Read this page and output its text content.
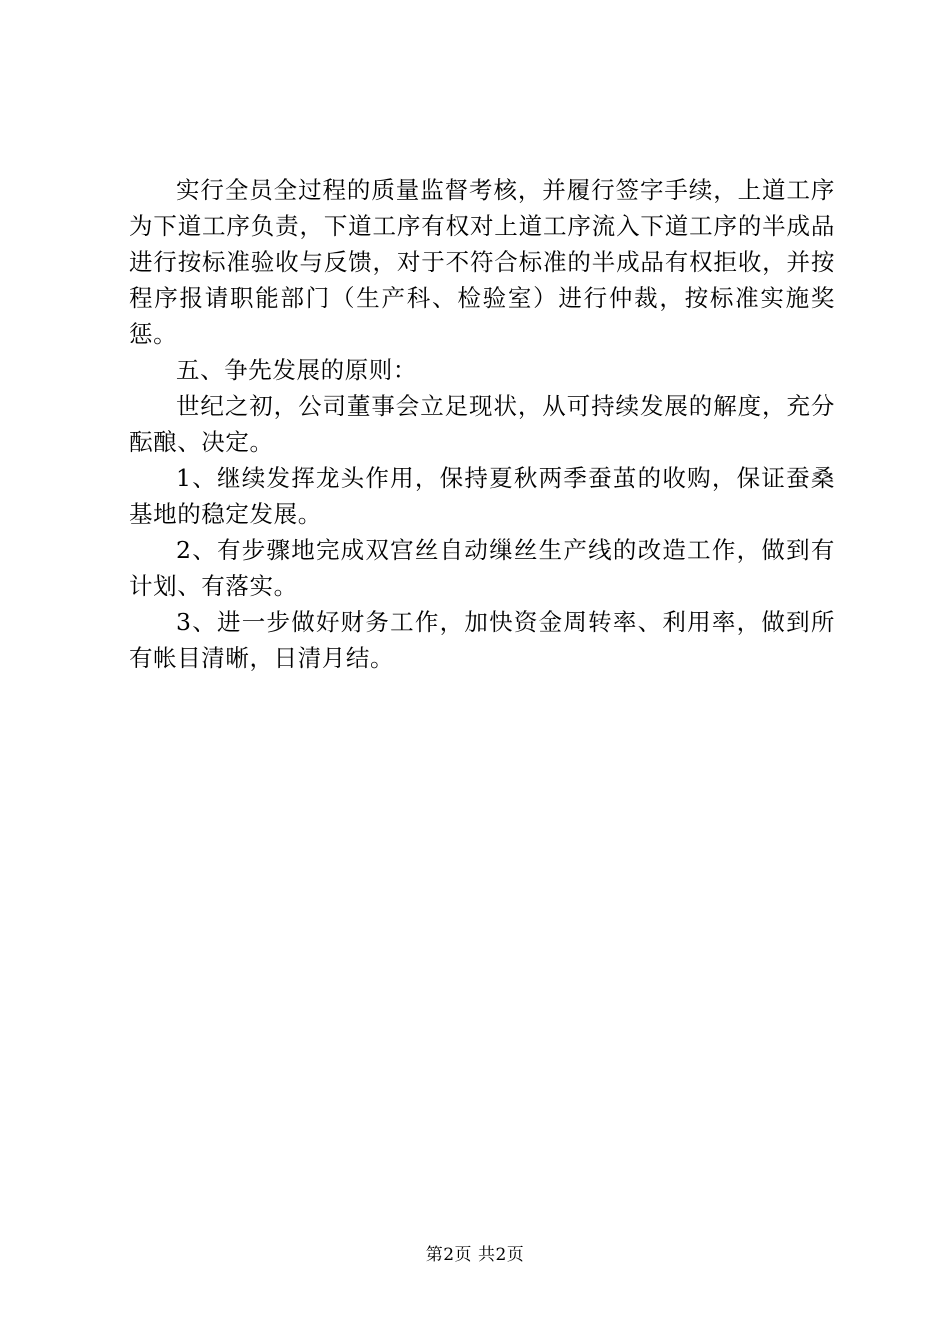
实行全员全过程的质量监督考核，并履行签字手续，上道工序为下道工序负责，下道工序有权对上道工序流入下道工序的半成品进行按标准验收与反馈，对于不符合标准的半成品有权拒收，并按程序报请职能部门（生产科、检验室）进行仲裁，按标准实施奖惩。

五、争先发展的原则：

世纪之初，公司董事会立足现状，从可持续发展的解度，充分酝酿、决定。

1、继续发挥龙头作用，保持夏秋两季蚕茧的收购，保证蚕桑基地的稳定发展。

2、有步骤地完成双宫丝自动缫丝生产线的改造工作，做到有计划、有落实。

3、进一步做好财务工作，加快资金周转率、利用率，做到所有帐目清晰，日清月结。

第2页 共2页
